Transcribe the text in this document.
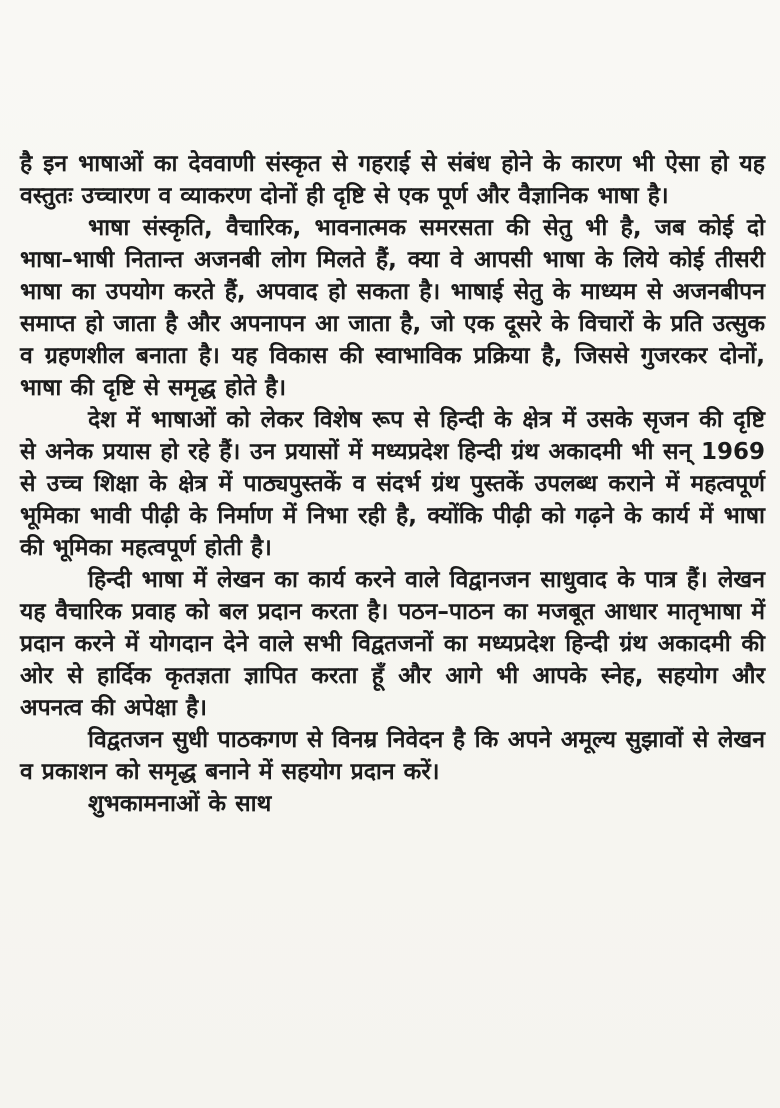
है इन भाषाओं का देववाणी संस्कृत से गहराई से संबंध होने के कारण भी ऐसा हो यह वस्तुतः उच्चारण व व्याकरण दोनों ही दृष्टि से एक पूर्ण और वैज्ञानिक भाषा है।

भाषा संस्कृति, वैचारिक, भावनात्मक समरसता की सेतु भी है, जब कोई दो भाषा–भाषी नितान्त अजनबी लोग मिलते हैं, क्या वे आपसी भाषा के लिये कोई तीसरी भाषा का उपयोग करते हैं, अपवाद हो सकता है। भाषाई सेतु के माध्यम से अजनबीपन समाप्त हो जाता है और अपनापन आ जाता है, जो एक दूसरे के विचारों के प्रति उत्सुक व ग्रहणशील बनाता है। यह विकास की स्वाभाविक प्रक्रिया है, जिससे गुजरकर दोनों, भाषा की दृष्टि से समृद्ध होते है।

देश में भाषाओं को लेकर विशेष रूप से हिन्दी के क्षेत्र में उसके सृजन की दृष्टि से अनेक प्रयास हो रहे हैं। उन प्रयासों में मध्यप्रदेश हिन्दी ग्रंथ अकादमी भी सन् 1969 से उच्च शिक्षा के क्षेत्र में पाठ्यपुस्तकें व संदर्भ ग्रंथ पुस्तकें उपलब्ध कराने में महत्वपूर्ण भूमिका भावी पीढ़ी के निर्माण में निभा रही है, क्योंकि पीढ़ी को गढ़ने के कार्य में भाषा की भूमिका महत्वपूर्ण होती है।

हिन्दी भाषा में लेखन का कार्य करने वाले विद्वानजन साधुवाद के पात्र हैं। लेखन यह वैचारिक प्रवाह को बल प्रदान करता है। पठन–पाठन का मजबूत आधार मातृभाषा में प्रदान करने में योगदान देने वाले सभी विद्वतजनों का मध्यप्रदेश हिन्दी ग्रंथ अकादमी की ओर से हार्दिक कृतज्ञता ज्ञापित करता हूँ और आगे भी आपके स्नेह, सहयोग और अपनत्व की अपेक्षा है।

विद्वतजन सुधी पाठकगण से विनम्र निवेदन है कि अपने अमूल्य सुझावों से लेखन व प्रकाशन को समृद्ध बनाने में सहयोग प्रदान करें।

शुभकामनाओं के साथ
